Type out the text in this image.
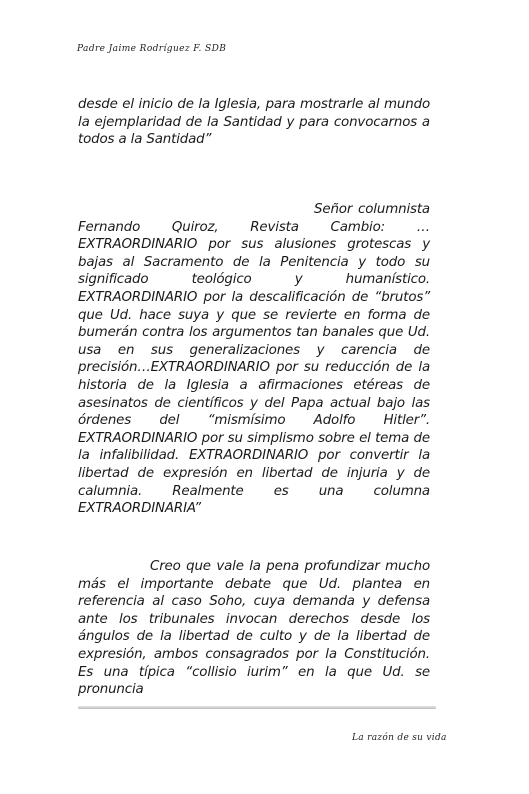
Padre Jaime Rodríguez F. SDB

desde el inicio de la Iglesia, para mostrarle al mundo la ejemplaridad de la Santidad y para convocarnos a todos a la Santidad”

Señor columnista Fernando Quiroz, Revista Cambio: …EXTRAORDINARIO por sus alusiones grotescas y bajas al Sacramento de la Penitencia y todo su significado teológico y humanístico. EXTRAORDINARIO por la descalificación de “brutos” que Ud. hace suya y que se revierte en forma de bumerán contra los argumentos tan banales que Ud. usa en sus generalizaciones y carencia de precisión…EXTRAORDINARIO por su reducción de la historia de la Iglesia a afirmaciones etéreas de asesinatos de científicos y del Papa actual bajo las órdenes del “mismísimo Adolfo Hitler”. EXTRAORDINARIO por su simplismo sobre el tema de la infalibilidad. EXTRAORDINARIO por convertir la libertad de expresión en libertad de injuria y de calumnia. Realmente es una columna EXTRAORDINARIA”

Creo que vale la pena profundizar mucho más el importante debate que Ud. plantea en referencia al caso Soho, cuya demanda y defensa ante los tribunales invocan derechos desde los ángulos de la libertad de culto y de la libertad de expresión, ambos consagrados por la Constitución. Es una típica “collisio iurim” en la que Ud. se pronuncia

La razón de su vida
